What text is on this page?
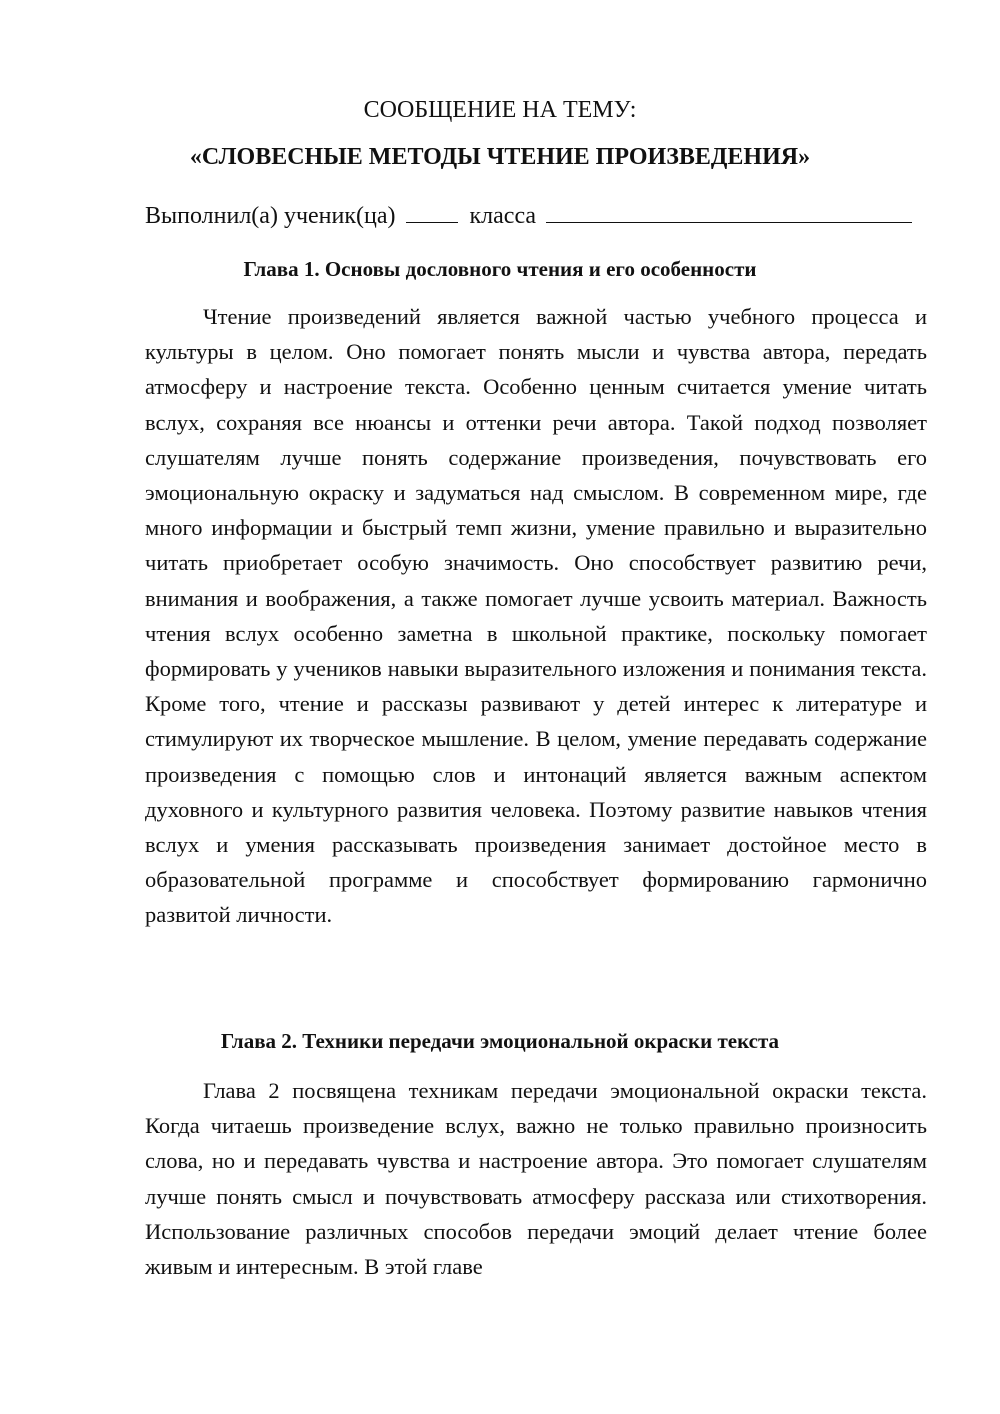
СООБЩЕНИЕ НА ТЕМУ:
«СЛОВЕСНЫЕ МЕТОДЫ ЧТЕНИЕ ПРОИЗВЕДЕНИЯ»
Выполнил(а) ученик(ца)	класса
Глава 1. Основы дословного чтения и его особенности

Чтение произведений является важной частью учебного процесса и культуры в целом. Оно помогает понять мысли и чувства автора, передать атмосферу и настроение текста. Особенно ценным считается умение читать вслух, сохраняя все нюансы и оттенки речи автора. Такой подход позволяет слушателям лучше понять содержание произведения, почувствовать его эмоциональную окраску и задуматься над смыслом. В современном мире, где много информации и быстрый темп жизни, умение правильно и выразительно читать приобретает особую значимость. Оно способствует развитию речи, внимания и воображения, а также помогает лучше усвоить материал. Важность чтения вслух особенно заметна в школьной практике, поскольку помогает формировать у учеников навыки выразительного изложения и понимания текста. Кроме того, чтение и рассказы развивают у детей интерес к литературе и стимулируют их творческое мышление. В целом, умение передавать содержание произведения с помощью слов и интонаций является важным аспектом духовного и культурного развития человека. Поэтому развитие навыков чтения вслух и умения рассказывать произведения занимает достойное место в образовательной программе и способствует формированию гармонично развитой личности.

Глава 2. Техники передачи эмоциональной окраски текста

Глава 2 посвящена техникам передачи эмоциональной окраски текста. Когда читаешь произведение вслух, важно не только правильно произносить слова, но и передавать чувства и настроение автора. Это помогает слушателям лучше понять смысл и почувствовать атмосферу рассказа или стихотворения. Использование различных способов передачи эмоций делает чтение более живым и интересным. В этой главе
